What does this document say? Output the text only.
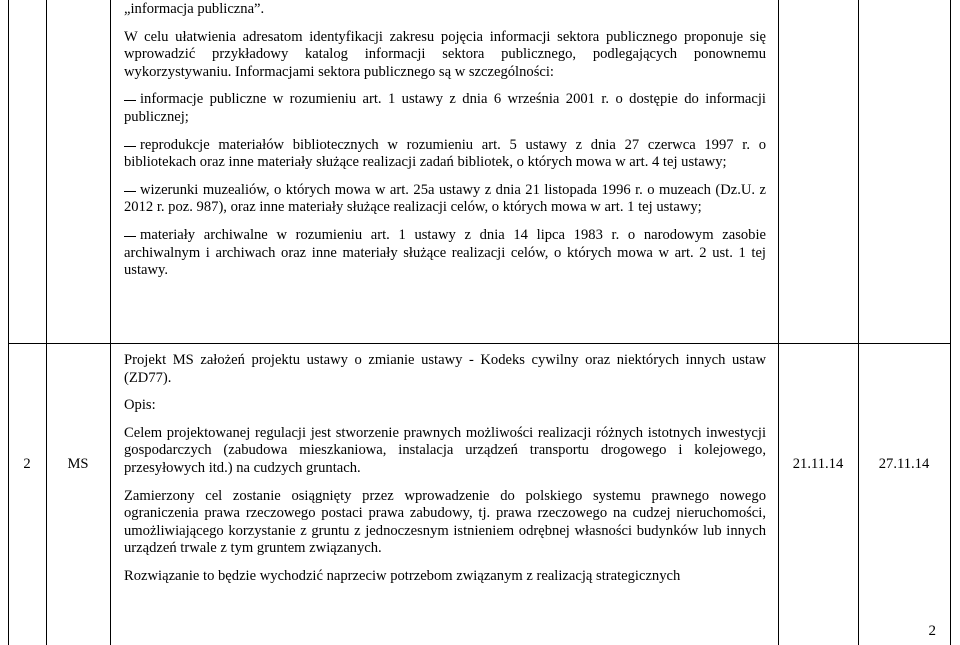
„informacja publiczna”.

W celu ułatwienia adresatom identyfikacji zakresu pojęcia informacji sektora publicznego proponuje się wprowadzić przykładowy katalog informacji sektora publicznego, podlegających ponownemu wykorzystywaniu. Informacjami sektora publicznego są w szczególności:

informacje publiczne w rozumieniu art. 1 ustawy z dnia 6 września 2001 r. o dostępie do informacji publicznej;

reprodukcje materiałów bibliotecznych w rozumieniu art. 5 ustawy z dnia 27 czerwca 1997 r. o bibliotekach oraz inne materiały służące realizacji zadań bibliotek, o których mowa w art. 4 tej ustawy;

wizerunki muzealiów, o których mowa w art. 25a ustawy z dnia 21 listopada 1996 r. o muzeach (Dz.U. z 2012 r. poz. 987), oraz inne materiały służące realizacji celów, o których mowa w art. 1 tej ustawy;

materiały archiwalne w rozumieniu art. 1 ustawy z dnia 14 lipca 1983 r. o narodowym zasobie archiwalnym i archiwach oraz inne materiały służące realizacji celów, o których mowa w art. 2 ust. 1 tej ustawy.

2	MS

Projekt MS założeń projektu ustawy o zmianie ustawy - Kodeks cywilny oraz niektórych innych ustaw (ZD77).

Opis:

Celem projektowanej regulacji jest stworzenie prawnych możliwości realizacji różnych istotnych inwestycji gospodarczych (zabudowa mieszkaniowa, instalacja urządzeń transportu drogowego i kolejowego, przesyłowych itd.) na cudzych gruntach.

Zamierzony cel zostanie osiągnięty przez wprowadzenie do polskiego systemu prawnego nowego ograniczenia prawa rzeczowego postaci prawa zabudowy, tj. prawa rzeczowego na cudzej nieruchomości, umożliwiającego korzystanie z gruntu z jednoczesnym istnieniem odrębnej własności budynków lub innych urządzeń trwale z tym gruntem związanych.

Rozwiązanie to będzie wychodzić naprzeciw potrzebom związanym z realizacją strategicznych

21.11.14	27.11.14
2
